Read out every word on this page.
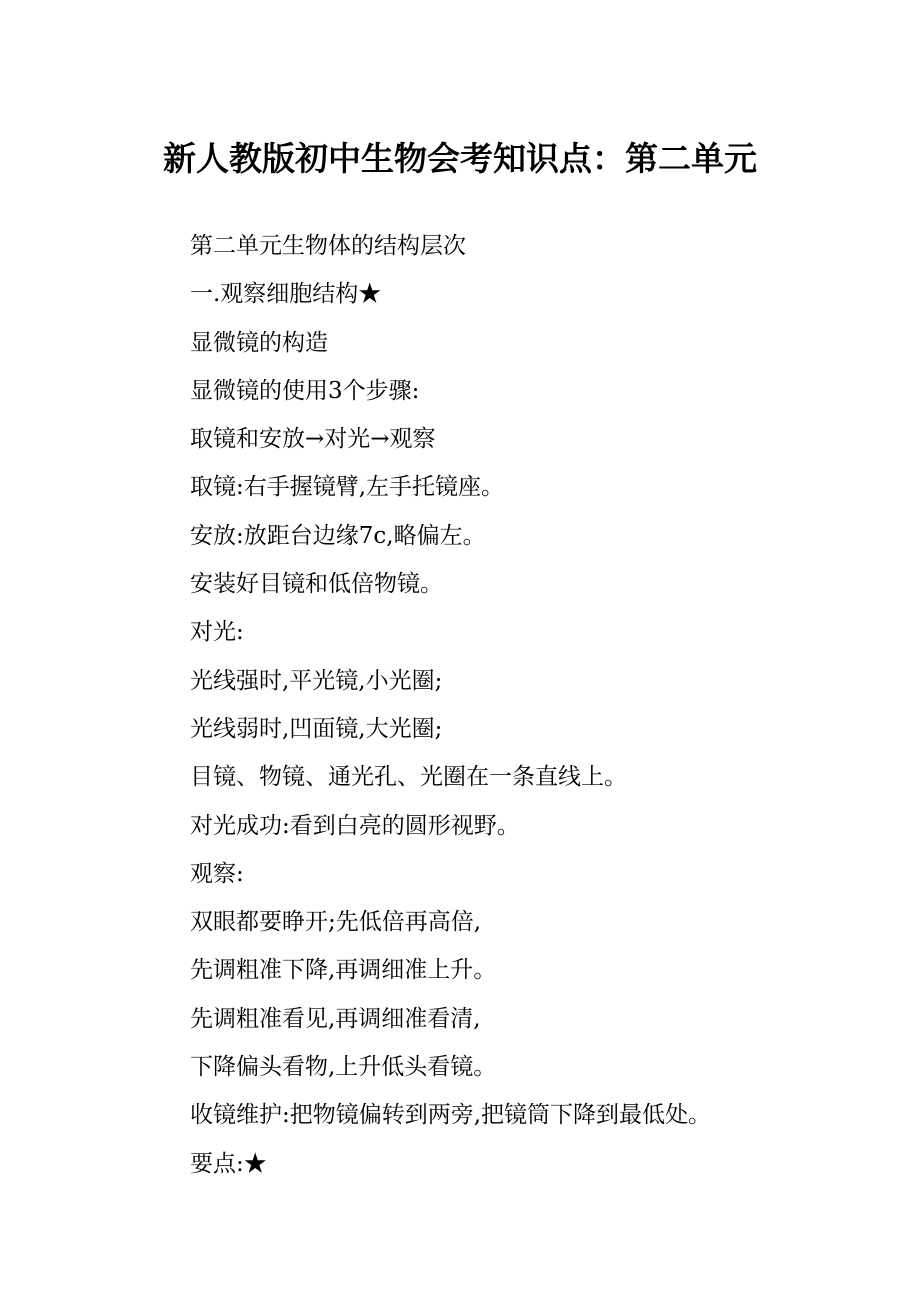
新人教版初中生物会考知识点：第二单元
第二单元生物体的结构层次
一.观察细胞结构★
显微镜的构造
显微镜的使用3个步骤:
取镜和安放→对光→观察
取镜:右手握镜臂,左手托镜座。
安放:放距台边缘7c,略偏左。
安装好目镜和低倍物镜。
对光:
光线强时,平光镜,小光圈;
光线弱时,凹面镜,大光圈;
目镜、物镜、通光孔、光圈在一条直线上。
对光成功:看到白亮的圆形视野。
观察:
双眼都要睁开;先低倍再高倍,
先调粗准下降,再调细准上升。
先调粗准看见,再调细准看清,
下降偏头看物,上升低头看镜。
收镜维护:把物镜偏转到两旁,把镜筒下降到最低处。
要点:★
